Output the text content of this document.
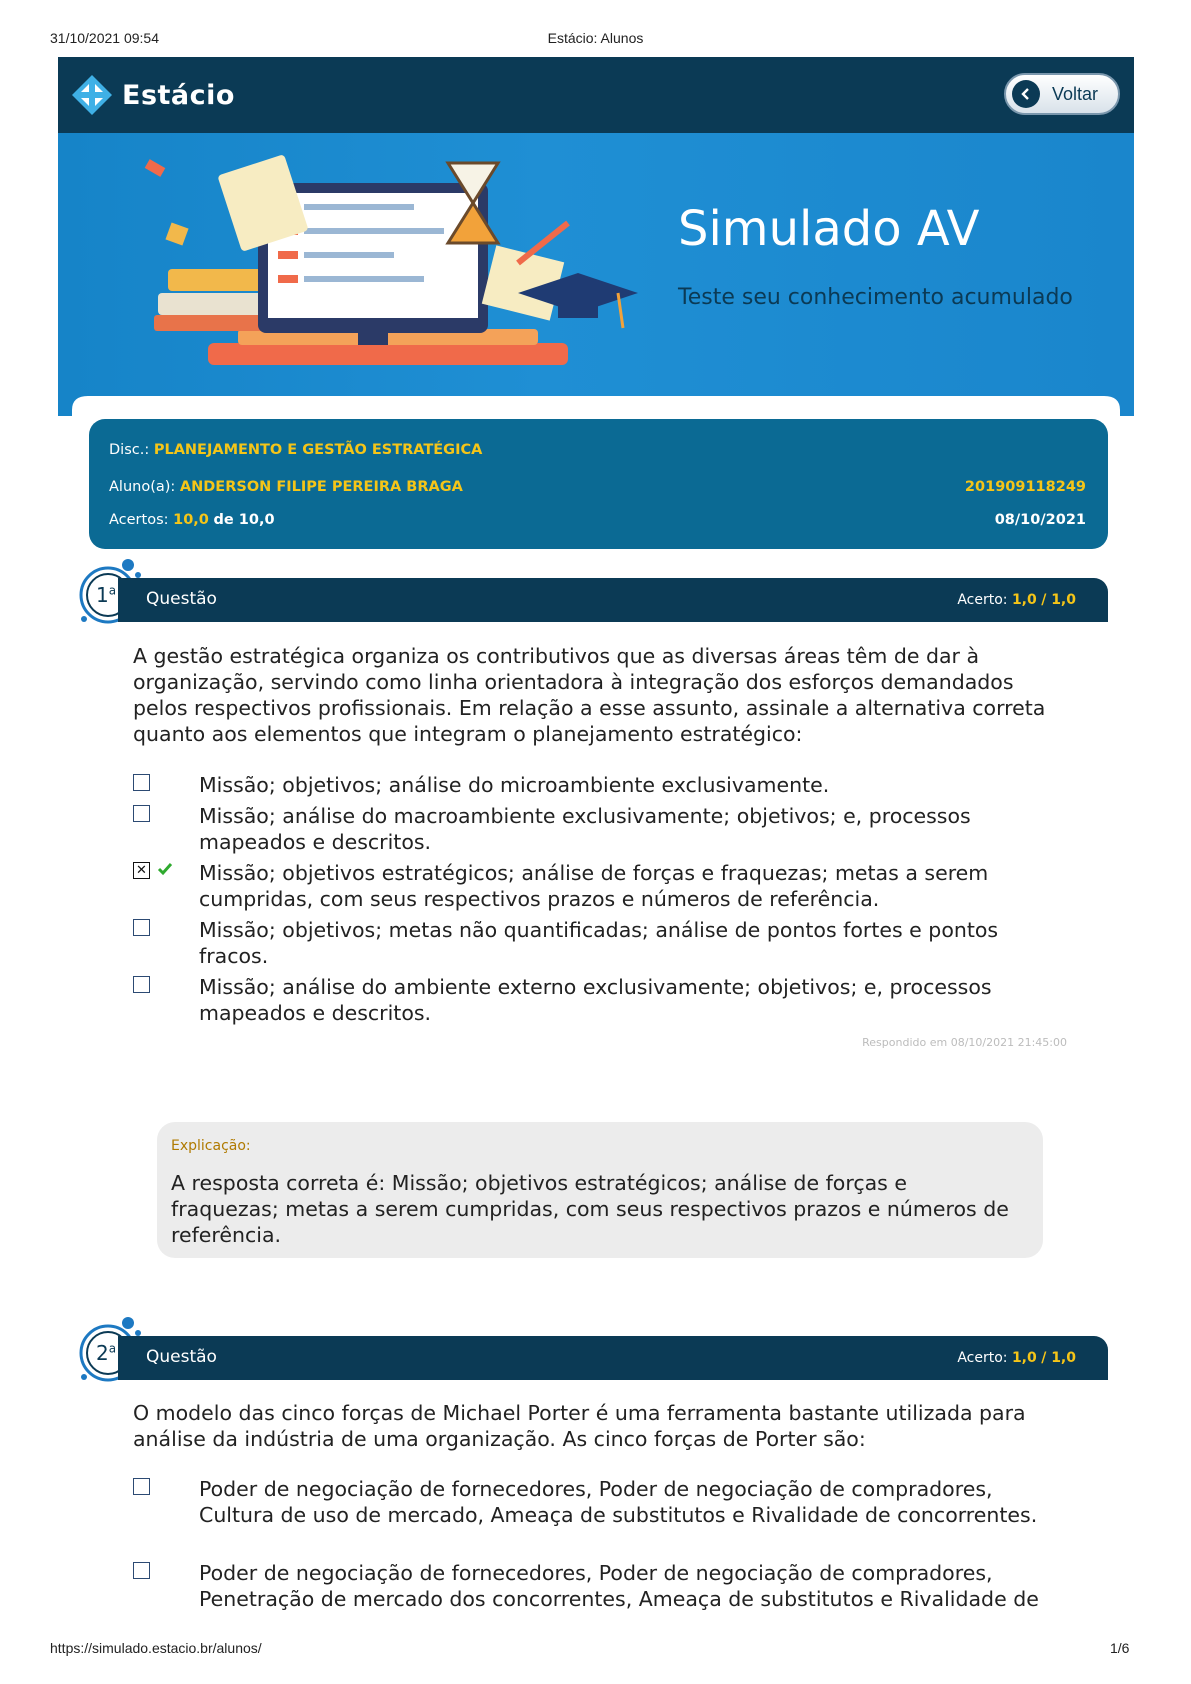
31/10/2021 09:54	Estácio: Alunos
Estácio	Voltar
Simulado AV
Teste seu conhecimento acumulado
Disc.: PLANEJAMENTO E GESTÃO ESTRATÉGICA
Aluno(a): ANDERSON FILIPE PEREIRA BRAGA	201909118249
Acertos: 10,0 de 10,0	08/10/2021
1$^a$ Questão	Acerto: 1,0 / 1,0
A gestão estratégica organiza os contributivos que as diversas áreas têm de dar à organização, servindo como linha orientadora à integração dos esforços demandados pelos respectivos profissionais. Em relação a esse assunto, assinale a alternativa correta quanto aos elementos que integram o planejamento estratégico:
Missão; objetivos; análise do microambiente exclusivamente.
Missão; análise do macroambiente exclusivamente; objetivos; e, processos mapeados e descritos.
✕	Missão; objetivos estratégicos; análise de forças e fraquezas; metas a serem cumpridas, com seus respectivos prazos e números de referência.
Missão; objetivos; metas não quantificadas; análise de pontos fortes e pontos fracos.
Missão; análise do ambiente externo exclusivamente; objetivos; e, processos mapeados e descritos.
Respondido em 08/10/2021 21:45:00
Explicação:
A resposta correta é: Missão; objetivos estratégicos; análise de forças e fraquezas; metas a serem cumpridas, com seus respectivos prazos e números de referência.
2$^a$ Questão	Acerto: 1,0 / 1,0
O modelo das cinco forças de Michael Porter é uma ferramenta bastante utilizada para análise da indústria de uma organização. As cinco forças de Porter são:
Poder de negociação de fornecedores, Poder de negociação de compradores, Cultura de uso de mercado, Ameaça de substitutos e Rivalidade de concorrentes.
Poder de negociação de fornecedores, Poder de negociação de compradores, Penetração de mercado dos concorrentes, Ameaça de substitutos e Rivalidade de
https://simulado.estacio.br/alunos/	1/6
